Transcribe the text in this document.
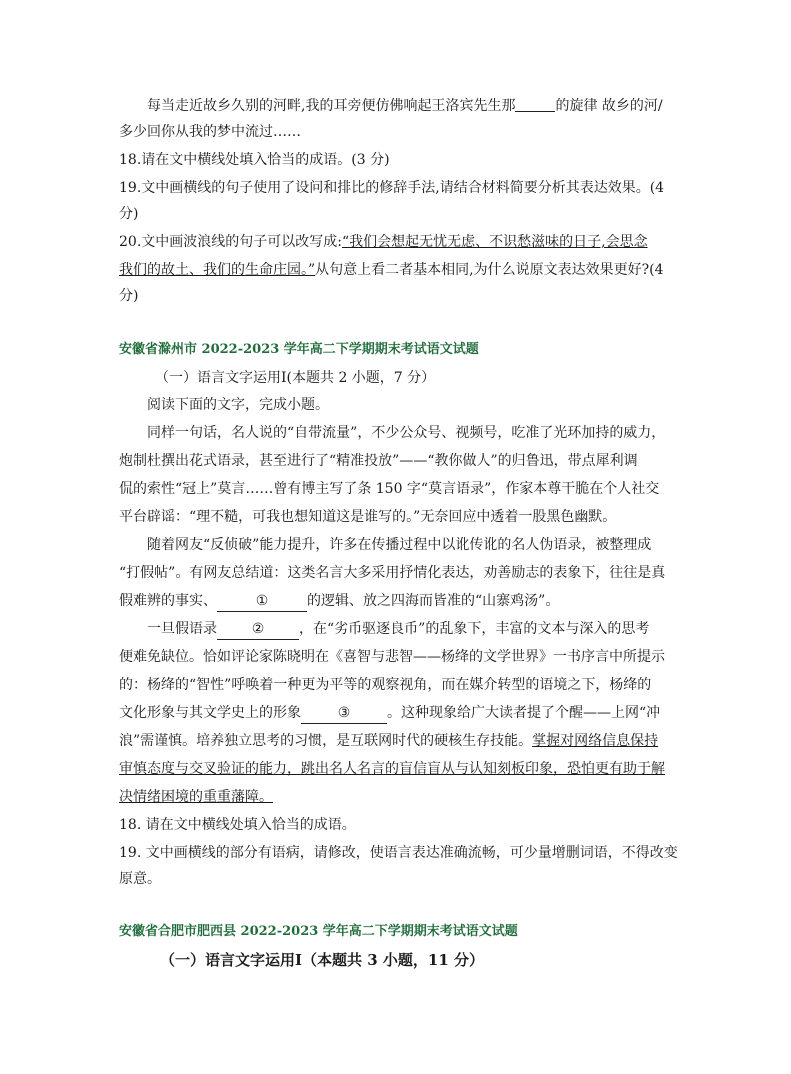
每当走近故乡久别的河畔,我的耳旁便仿佛响起王洛宾先生那	的旋律 故乡的河/
多少回你从我的梦中流过……
18.请在文中横线处填入恰当的成语。(3 分)
19.文中画横线的句子使用了设问和排比的修辞手法,请结合材料简要分析其表达效果。(4
分)
20.文中画波浪线的句子可以改写成:“我们会想起无忧无虑、不识愁滋味的日子,会思念
我们的故土、我们的生命庄园。”从句意上看二者基本相同,为什么说原文表达效果更好?(4
分)
安徽省滁州市 2022-2023 学年高二下学期期末考试语文试题
（一）语言文字运用Ⅰ(本题共 2 小题，7 分）
阅读下面的文字，完成小题。
同样一句话，名人说的“自带流量”，不少公众号、视频号，吃准了光环加持的威力，
炮制杜撰出花式语录，甚至进行了“精准投放”——“教你做人”的归鲁迅，带点犀利调
侃的索性“冠上”莫言……曾有博主写了条 150 字“莫言语录”，作家本尊干脆在个人社交
平台辟谣：“理不糙，可我也想知道这是谁写的。”无奈回应中透着一股黑色幽默。
随着网友“反侦破”能力提升，许多在传播过程中以讹传讹的名人伪语录，被整理成
“打假帖”。有网友总结道：这类名言大多采用抒情化表达，劝善励志的表象下，往往是真
假难辨的事实、	①	的逻辑、放之四海而皆准的“山寨鸡汤”。
一旦假语录 ② ，在“劣币驱逐良币”的乱象下，丰富的文本与深入的思考
便难免缺位。恰如评论家陈晓明在《喜智与悲智——杨绛的文学世界》一书序言中所提示
的：杨绛的“智性”呼唤着一种更为平等的观察视角，而在媒介转型的语境之下，杨绛的
文化形象与其文学史上的形象	③	。这种现象给广大读者提了个醒——上网“冲
浪”需谨慎。培养独立思考的习惯，是互联网时代的硬核生存技能。掌握对网络信息保持
审慎态度与交叉验证的能力，跳出名人名言的盲信盲从与认知刻板印象，恐怕更有助于解
决情绪困境的重重藩障。
18. 请在文中横线处填入恰当的成语。
19. 文中画横线的部分有语病，请修改，使语言表达准确流畅，可少量增删词语，不得改变
原意。
安徽省合肥市肥西县 2022-2023 学年高二下学期期末考试语文试题
（一）语言文字运用Ⅰ（本题共 3 小题，11 分）
